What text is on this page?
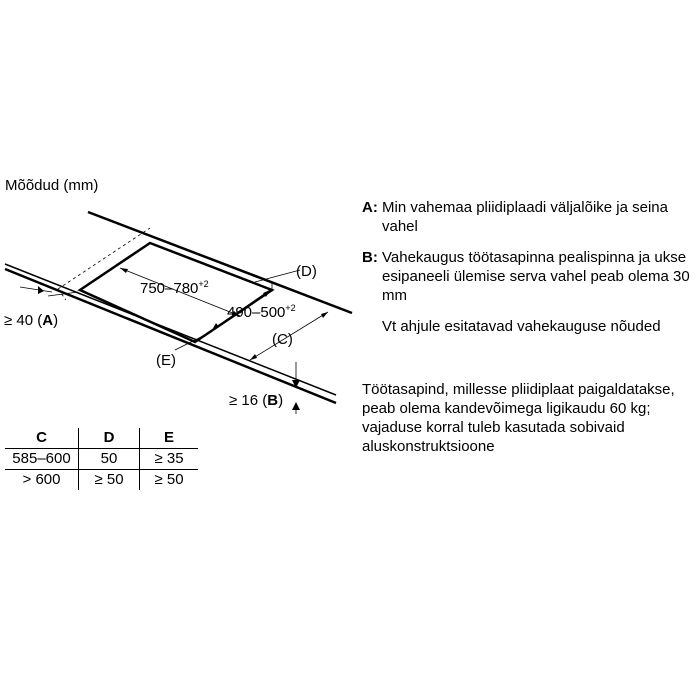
Mõõdud (mm)
$750-780^{+2}$
$490-500^{+2}$
(D)
(C)
(E)
≥ 40 (A)
≥ 16 (B)
A: Min vahemaa pliidiplaadi väljalõike ja seina vahel
B: Vahekaugus töötasapinna pealispinna ja ukse esipaneeli ülemise serva vahel peab olema 30 mm
Vt ahjule esitatavad vahekauguse nõuded
Töötasapind, millesse pliidiplaat paigaldatakse, peab olema kandevõimega ligikaudu 60 kg; vajaduse korral tuleb kasutada sobivaid aluskonstruktsioone
C	D	E
585–600	50	≥ 35
> 600	≥ 50	≥ 50
